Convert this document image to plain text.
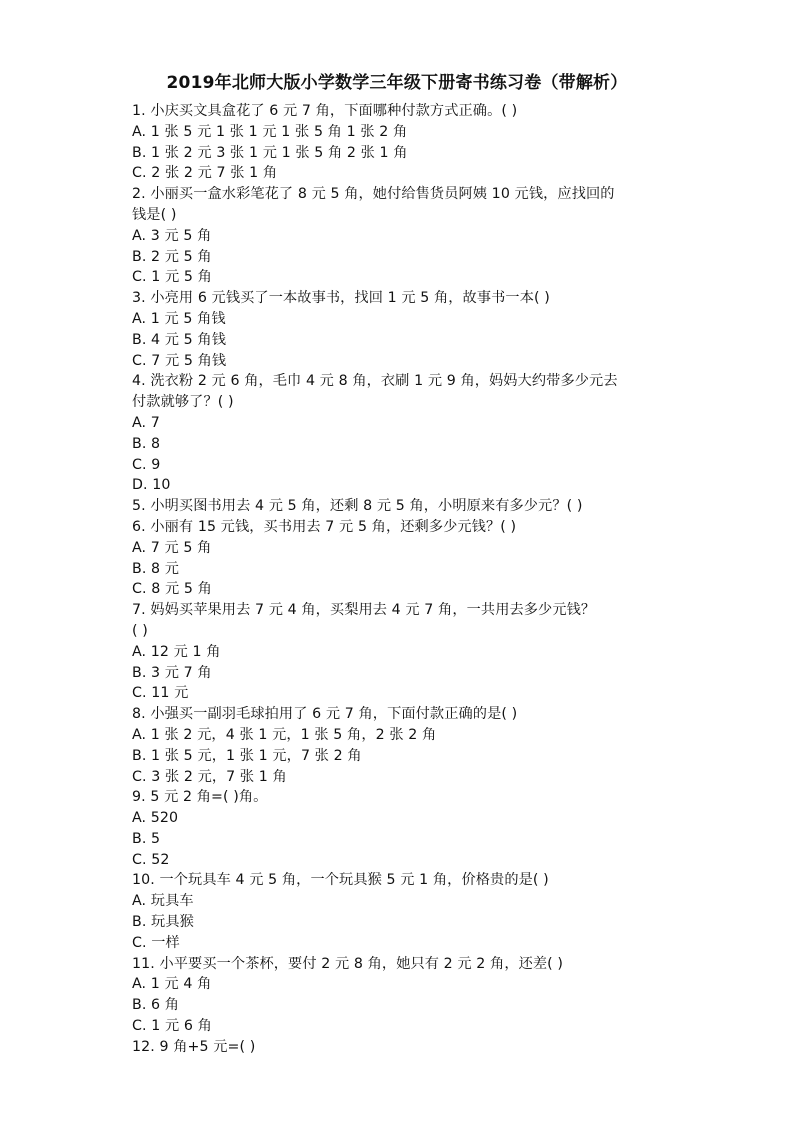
2019年北师大版小学数学三年级下册寄书练习卷（带解析）
1. 小庆买文具盒花了 6 元 7 角，下面哪种付款方式正确。( )
A. 1 张 5 元 1 张 1 元 1 张 5 角 1 张 2 角
B. 1 张 2 元 3 张 1 元 1 张 5 角 2 张 1 角
C. 2 张 2 元 7 张 1 角
2. 小丽买一盒水彩笔花了 8 元 5 角，她付给售货员阿姨 10 元钱，应找回的
钱是( )
A. 3 元 5 角
B. 2 元 5 角
C. 1 元 5 角
3. 小亮用 6 元钱买了一本故事书，找回 1 元 5 角，故事书一本( )
A. 1 元 5 角钱
B. 4 元 5 角钱
C. 7 元 5 角钱
4. 洗衣粉 2 元 6 角，毛巾 4 元 8 角，衣刷 1 元 9 角，妈妈大约带多少元去
付款就够了？( )
A. 7
B. 8
C. 9
D. 10
5. 小明买图书用去 4 元 5 角，还剩 8 元 5 角，小明原来有多少元？( )
6. 小丽有 15 元钱，买书用去 7 元 5 角，还剩多少元钱？( )
A. 7 元 5 角
B. 8 元
C. 8 元 5 角
7. 妈妈买苹果用去 7 元 4 角，买梨用去 4 元 7 角，一共用去多少元钱？
( )
A. 12 元 1 角
B. 3 元 7 角
C. 11 元
8. 小强买一副羽毛球拍用了 6 元 7 角，下面付款正确的是( )
A. 1 张 2 元，4 张 1 元，1 张 5 角，2 张 2 角
B. 1 张 5 元，1 张 1 元，7 张 2 角
C. 3 张 2 元，7 张 1 角
9. 5 元 2 角=( )角。
A. 520
B. 5
C. 52
10. 一个玩具车 4 元 5 角，一个玩具猴 5 元 1 角，价格贵的是( )
A. 玩具车
B. 玩具猴
C. 一样
11. 小平要买一个茶杯，要付 2 元 8 角，她只有 2 元 2 角，还差( )
A. 1 元 4 角
B. 6 角
C. 1 元 6 角
12. 9 角+5 元=( )
